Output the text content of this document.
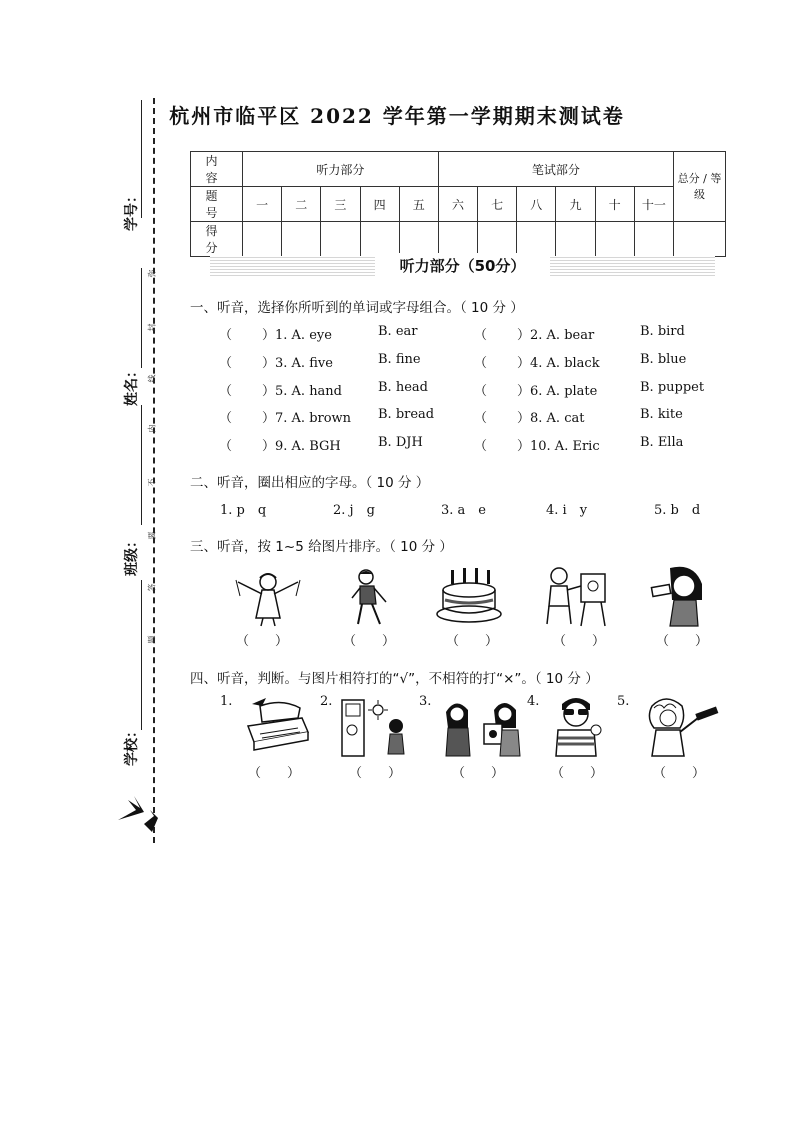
学号：
姓名：
班级：
学校：
弥
封
线
内
不
要
答
题
杭州市临平区 2022 学年第一学期期末测试卷
内　容	听力部分					笔试部分						总分 / 等级
题　号	一	二	三	四	五	六	七	八	九	十	十一	
得　分												
听力部分（50分）
一、听音，选择你所听到的单词或字母组合。（ 10 分 ）
（ ）1. A. eye	B. ear	（ ）2. A. bear	B. bird
（ ）3. A. five	B. fine	（ ）4. A. black	B. blue
（ ）5. A. hand	B. head	（ ）6. A. plate	B. puppet
（ ）7. A. brown B. bread	（ ）8. A. cat	B. kite
（ ）9. A. BGH	B. DJH	（ ）10. A. Eric	B. Ella
二、听音，圈出相应的字母。（ 10 分 ）
1. p　q	2. j　g	3. a　e	4. i　y	5. b　d
三、听音，按 1~5 给图片排序。（ 10 分 ）
（　　）	（　　）	（　　）	（　　）	（　　）
四、听音，判断。与图片相符打的“√”，不相符的打“×”。（ 10 分 ）
1.
（　　）
2.
（　　）
3.
（　　）
4.
（　　）
5.
（　　）
